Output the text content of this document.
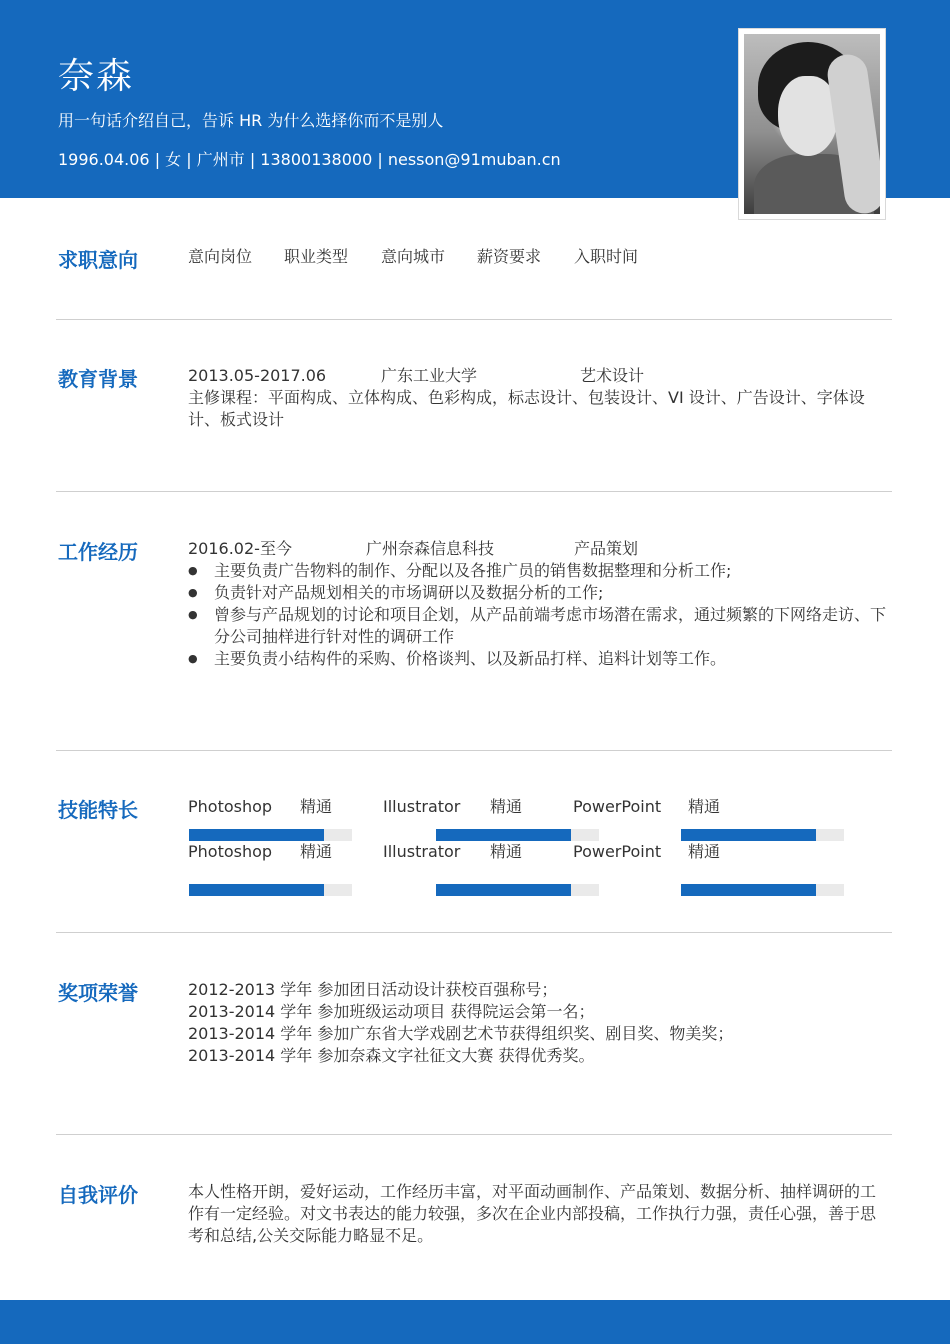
奈森
用一句话介绍自己，告诉 HR 为什么选择你而不是别人
1996.04.06 | 女 | 广州市 | 13800138000 | nesson@91muban.cn
求职意向	意向岗位 职业类型 意向城市 薪资要求 入职时间
教育背景	2013.05-2017.06	广东工业大学	艺术设计
主修课程：平面构成、立体构成、色彩构成，标志设计、包装设计、VI 设计、广告设计、字体设计、板式设计
工作经历	2016.02-至今	广州奈森信息科技	产品策划
● 主要负责广告物料的制作、分配以及各推广员的销售数据整理和分析工作;
● 负责针对产品规划相关的市场调研以及数据分析的工作;
● 曾参与产品规划的讨论和项目企划，从产品前端考虑市场潜在需求，通过频繁的下网络走访、下分公司抽样进行针对性的调研工作
● 主要负责小结构件的采购、价格谈判、以及新品打样、追料计划等工作。
技能特长	Photoshop 精通	Illustrator 精通	PowerPoint 精通
Photoshop 精通	Illustrator 精通	PowerPoint 精通
奖项荣誉	2012-2013 学年 参加团日活动设计获校百强称号；
2013-2014 学年 参加班级运动项目 获得院运会第一名；
2013-2014 学年 参加广东省大学戏剧艺术节获得组织奖、剧目奖、物美奖；
2013-2014 学年 参加奈森文字社征文大赛 获得优秀奖。
自我评价	本人性格开朗，爱好运动，工作经历丰富，对平面动画制作、产品策划、数据分析、抽样调研的工作有一定经验。对文书表达的能力较强，多次在企业内部投稿，工作执行力强，责任心强，善于思考和总结,公关交际能力略显不足。
